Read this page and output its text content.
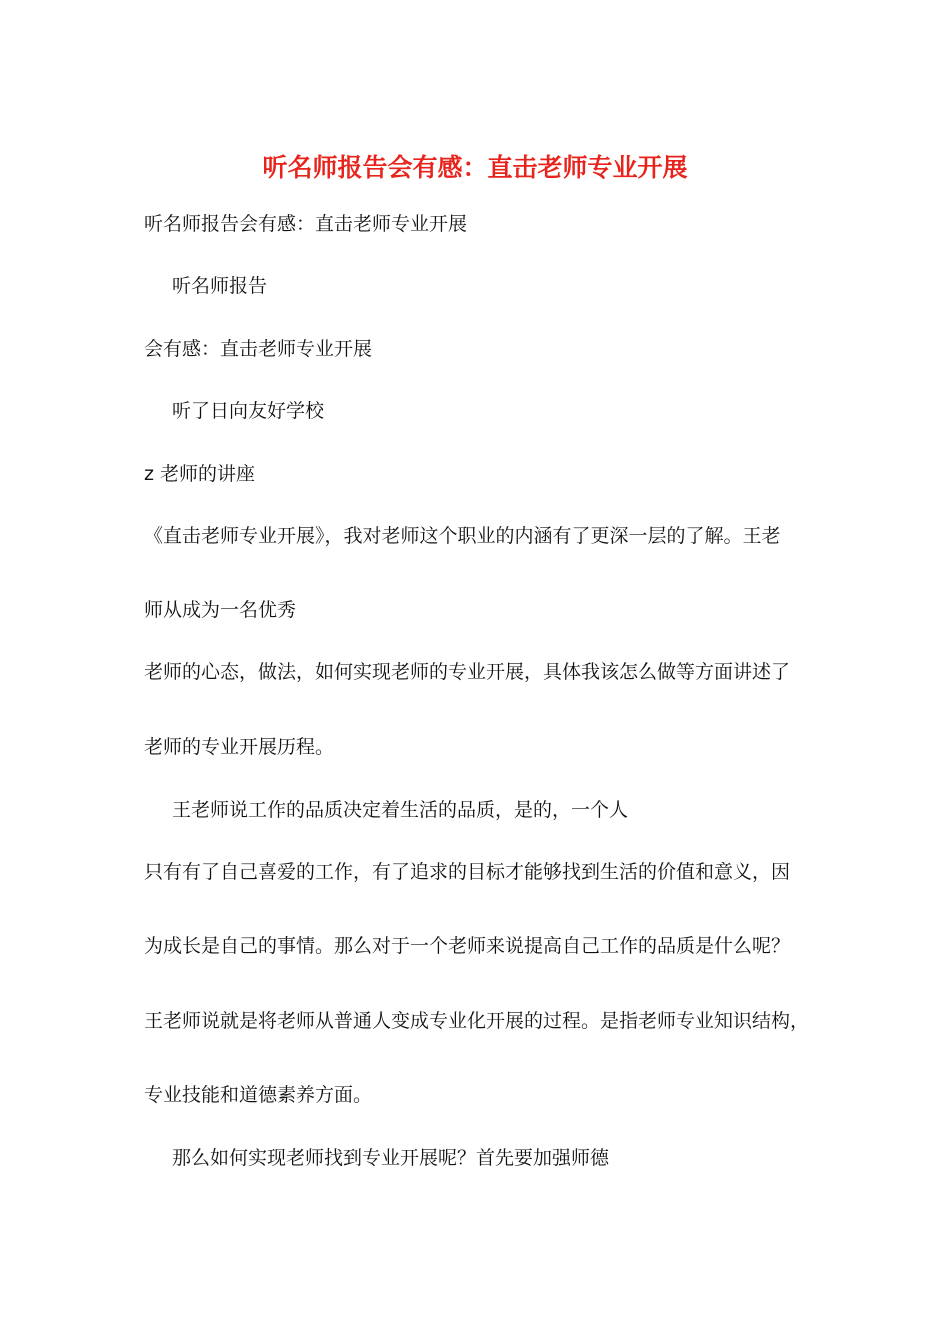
听名师报告会有感：直击老师专业开展
听名师报告会有感：直击老师专业开展
听名师报告
会有感：直击老师专业开展
听了日向友好学校
z 老师的讲座
《直击老师专业开展》，我对老师这个职业的内涵有了更深一层的了解。王老
师从成为一名优秀
老师的心态，做法，如何实现老师的专业开展，具体我该怎么做等方面讲述了
老师的专业开展历程。
王老师说工作的品质决定着生活的品质，是的，一个人
只有有了自己喜爱的工作，有了追求的目标才能够找到生活的价值和意义，因
为成长是自己的事情。那么对于一个老师来说提高自己工作的品质是什么呢？
王老师说就是将老师从普通人变成专业化开展的过程。是指老师专业知识结构，
专业技能和道德素养方面。
那么如何实现老师找到专业开展呢？首先要加强师德
